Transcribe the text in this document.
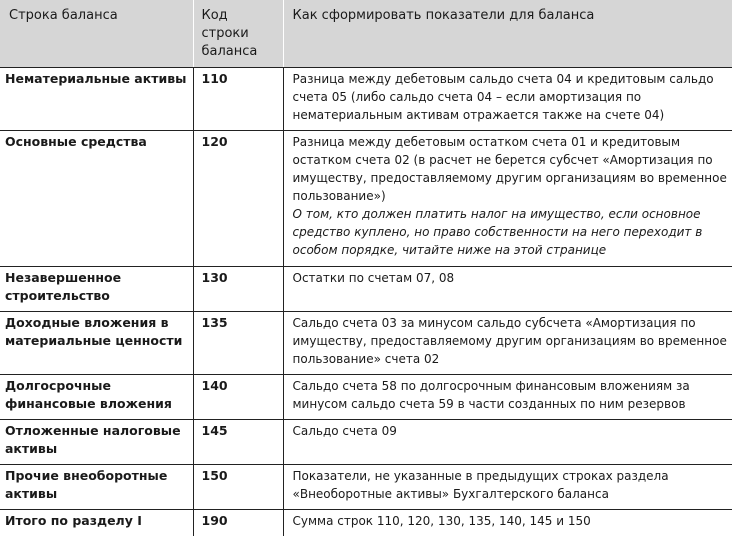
Строка баланса	Код строки баланса	Как сформировать показатели для баланса
Нематериальные активы	110	Разница между дебетовым сальдо счета 04 и кредитовым сальдо счета 05 (либо сальдо счета 04 – если амортизация по нематериальным активам отражается также на счете 04)

Основные средства	120	Разница между дебетовым остатком счета 01 и кредитовым остатком счета 02 (в расчет не берется субсчет «Амортизация по имуществу, предоставляемому другим организациям во временное пользование»)
О том, кто должен платить налог на имущество, если основное средство куплено, но право собственности на него переходит в особом порядке, читайте ниже на этой странице

Незавершенное строительство	130	Остатки по счетам 07, 08

Доходные вложения в материальные ценности	135	Сальдо счета 03 за минусом сальдо субсчета «Амортизация по имуществу, предоставляемому другим организациям во временное пользование» счета 02

Долгосрочные финансовые вложения	140	Сальдо счета 58 по долгосрочным финансовым вложениям за минусом сальдо счета 59 в части созданных по ним резервов

Отложенные налоговые активы	145	Сальдо счета 09

Прочие внеоборотные активы	150	Показатели, не указанные в предыдущих строках раздела «Внеоборотные активы» Бухгалтерского баланса

Итого по разделу I	190	Сумма строк 110, 120, 130, 135, 140, 145 и 150
